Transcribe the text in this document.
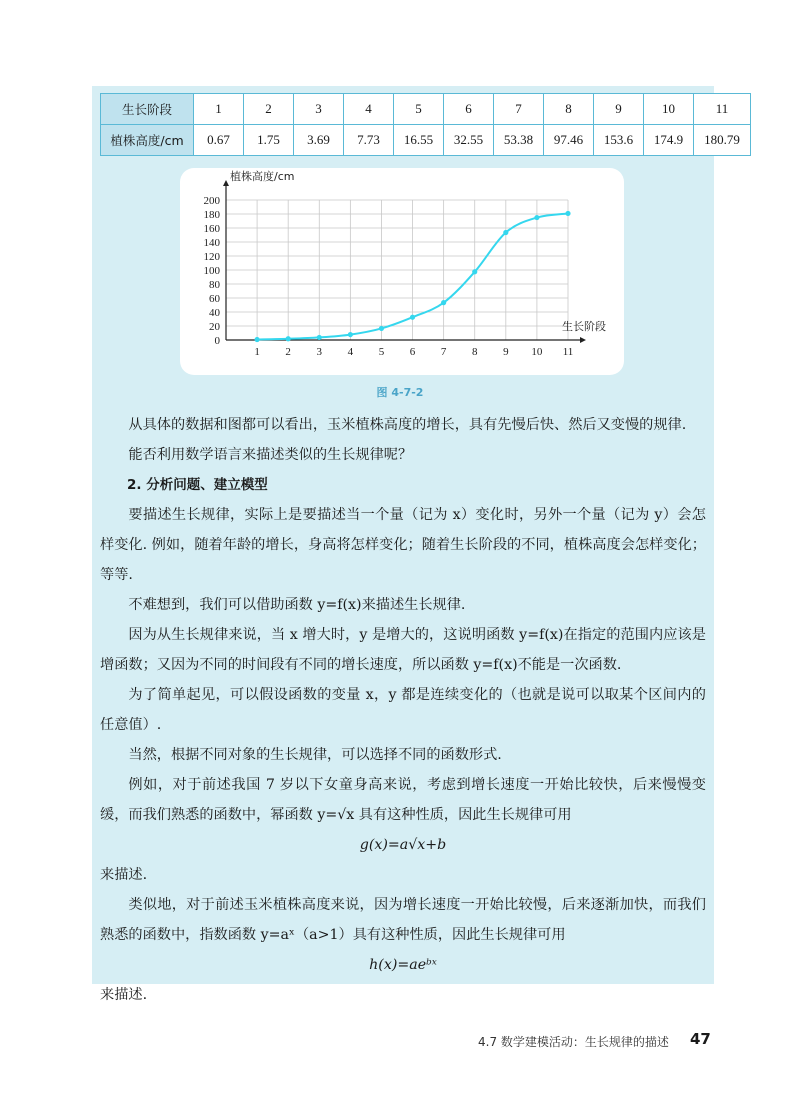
生长阶段	1	2	3	4	5	6	7	8	9	10	11
植株高度/cm	0.67	1.75	3.69	7.73	16.55	32.55	53.38	97.46	153.6	174.9	180.79
0
20
40
60
80
100
120
140
160
180
200
1 2 3 4 5 6 7 8 9 10 11
植株高度/cm
生长阶段
图 4-7-2

从具体的数据和图都可以看出，玉米植株高度的增长，具有先慢后快、然后又变慢的规律.

能否利用数学语言来描述类似的生长规律呢？

2. 分析问题、建立模型

要描述生长规律，实际上是要描述当一个量（记为 x）变化时，另外一个量（记为 y）会怎样变化. 例如，随着年龄的增长，身高将怎样变化；随着生长阶段的不同，植株高度会怎样变化；等等.

不难想到，我们可以借助函数 y=f(x)来描述生长规律.

因为从生长规律来说，当 x 增大时，y 是增大的，这说明函数 y=f(x)在指定的范围内应该是增函数；又因为不同的时间段有不同的增长速度，所以函数 y=f(x)不能是一次函数.

为了简单起见，可以假设函数的变量 x，y 都是连续变化的（也就是说可以取某个区间内的任意值）.

当然，根据不同对象的生长规律，可以选择不同的函数形式.

例如，对于前述我国 7 岁以下女童身高来说，考虑到增长速度一开始比较快，后来慢慢变缓，而我们熟悉的函数中，幂函数 y=√x 具有这种性质，因此生长规律可用

g(x)=a√x+b

来描述.

类似地，对于前述玉米植株高度来说，因为增长速度一开始比较慢，后来逐渐加快，而我们熟悉的函数中，指数函数 y=aˣ（a>1）具有这种性质，因此生长规律可用

h(x)=aeᵇˣ

来描述.

4.7 数学建模活动：生长规律的描述 47
